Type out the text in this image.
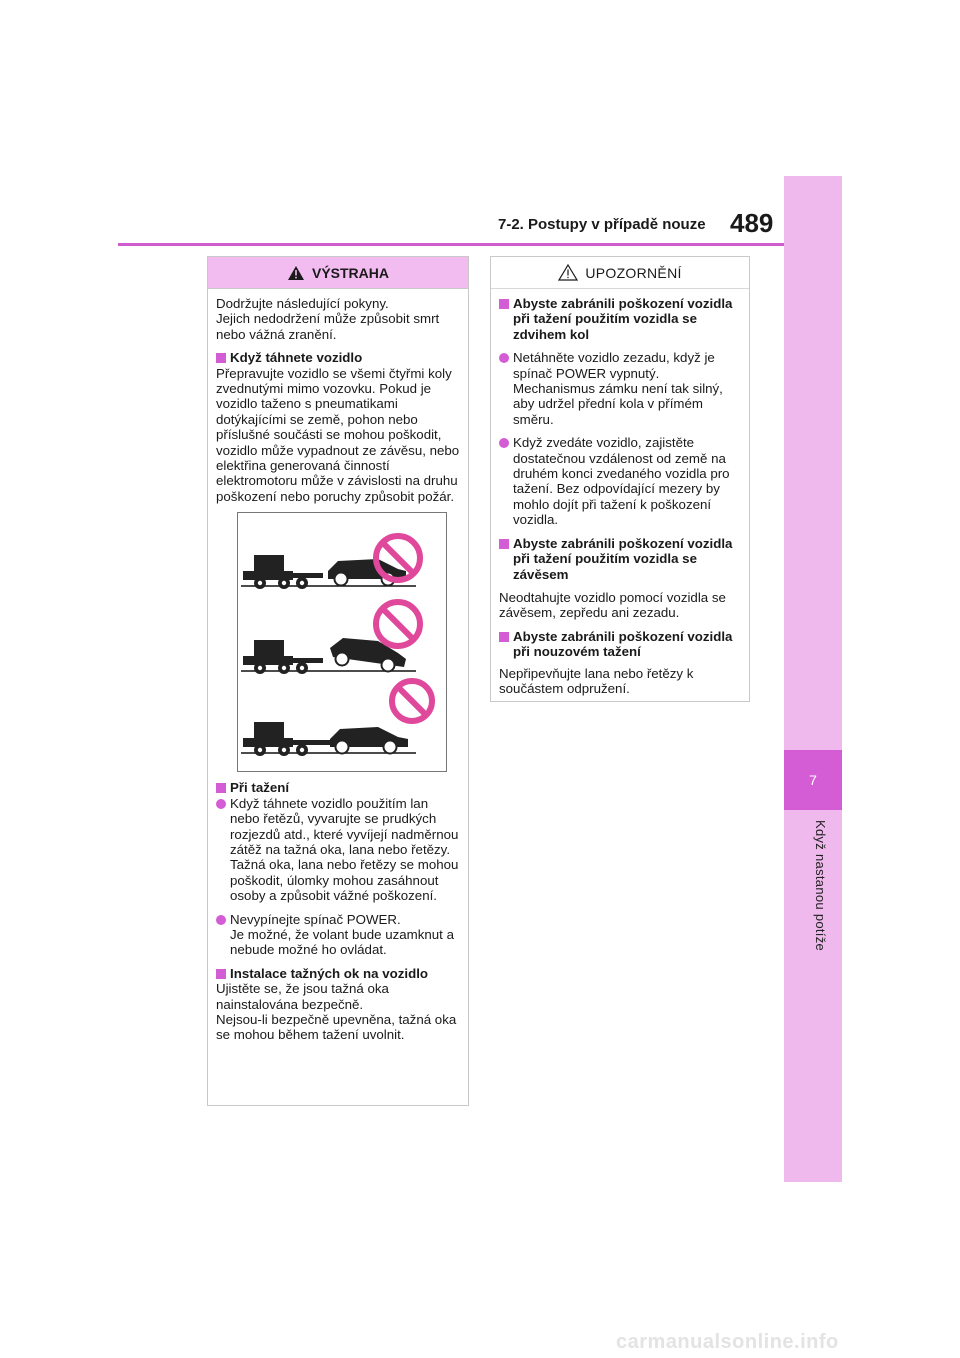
7
Když nastanou potíže
7-2. Postupy v případě nouze 489
VÝSTRAHA

Dodržujte následující pokyny.
Jejich nedodržení může způsobit smrt nebo vážná zranění.

Když táhnete vozidlo

Přepravujte vozidlo se všemi čtyřmi koly zvednutými mimo vozovku. Pokud je vozidlo taženo s pneumatikami dotýkajícími se země, pohon nebo příslušné součásti se mohou poškodit, vozidlo může vypadnout ze závěsu, nebo elektřina generovaná činností elektromotoru může v závislosti na druhu poškození nebo poruchy způsobit požár.

Při tažení
Když táhnete vozidlo použitím lan nebo řetězů, vyvarujte se prudkých rozjezdů atd., které vyvíjejí nadměrnou zátěž na tažná oka, lana nebo řetězy. Tažná oka, lana nebo řetězy se mohou poškodit, úlomky mohou zasáhnout osoby a způsobit vážné poškození.
Nevypínejte spínač POWER.
Je možné, že volant bude uzamknut a nebude možné ho ovládat.
Instalace tažných ok na vozidlo

Ujistěte se, že jsou tažná oka nainstalována bezpečně.
Nejsou-li bezpečně upevněna, tažná oka se mohou během tažení uvolnit.

UPOZORNĚNÍ
Abyste zabránili poškození vozidla při tažení použitím vozidla se zdvihem kol
Netáhněte vozidlo zezadu, když je spínač POWER vypnutý. Mechanismus zámku není tak silný, aby udržel přední kola v přímém směru.
Když zvedáte vozidlo, zajistěte dostatečnou vzdálenost od země na druhém konci zvedaného vozidla pro tažení. Bez odpovídající mezery by mohlo dojít při tažení k poškození vozidla.
Abyste zabránili poškození vozidla při tažení použitím vozidla se závěsem

Neodtahujte vozidlo pomocí vozidla se závěsem, zepředu ani zezadu.

Abyste zabránili poškození vozidla při nouzovém tažení

Nepřipevňujte lana nebo řetězy k součástem odpružení.

carmanualsonline.info
